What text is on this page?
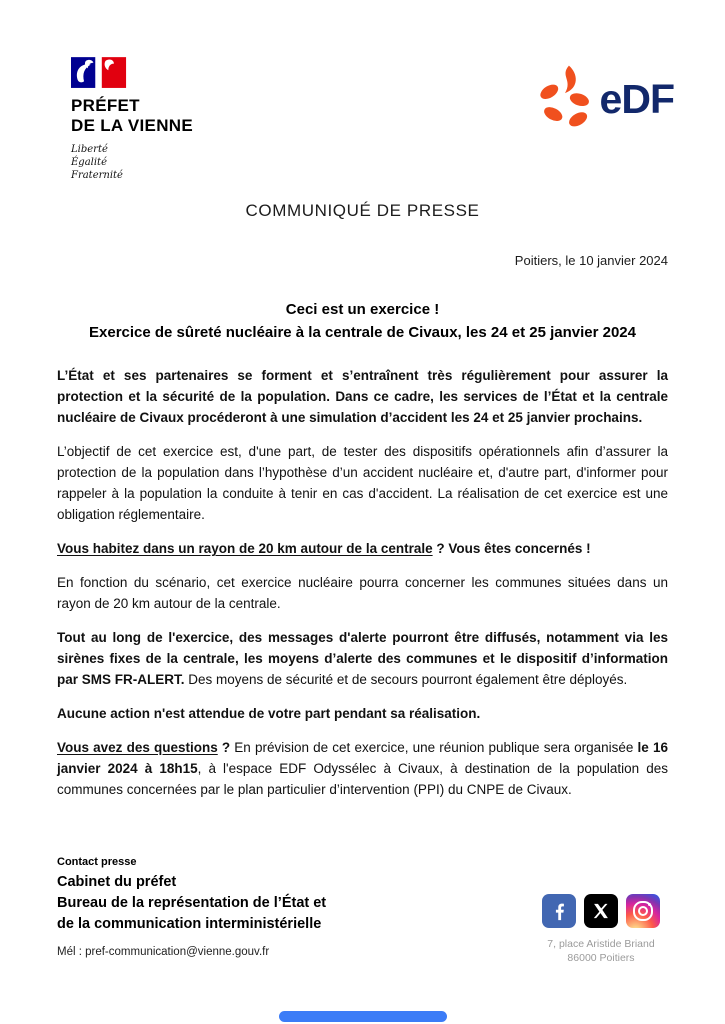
PRÉFET
DE LA VIENNE
Liberté
Égalité
Fraternité
eDF
COMMUNIQUÉ DE PRESSE
Poitiers, le 10 janvier 2024
Ceci est un exercice !
Exercice de sûreté nucléaire à la centrale de Civaux, les 24 et 25 janvier 2024

L’État et ses partenaires se forment et s’entraînent très régulièrement pour assurer la protection et la sécurité de la population. Dans ce cadre, les services de l’État et la centrale nucléaire de Civaux procéderont à une simulation d’accident les 24 et 25 janvier prochains.

L’objectif de cet exercice est, d'une part, de tester des dispositifs opérationnels afin d’assurer la protection de la population dans l’hypothèse d’un accident nucléaire et, d'autre part, d'informer pour rappeler à la population la conduite à tenir en cas d'accident. La réalisation de cet exercice est une obligation réglementaire.

Vous habitez dans un rayon de 20 km autour de la centrale ? Vous êtes concernés !

En fonction du scénario, cet exercice nucléaire pourra concerner les communes situées dans un rayon de 20 km autour de la centrale.

Tout au long de l'exercice, des messages d'alerte pourront être diffusés, notamment via les sirènes fixes de la centrale, les moyens d’alerte des communes et le dispositif d’information par SMS FR-ALERT. Des moyens de sécurité et de secours pourront également être déployés.

Aucune action n'est attendue de votre part pendant sa réalisation.

Vous avez des questions ? En prévision de cet exercice, une réunion publique sera organisée le 16 janvier 2024 à 18h15, à l'espace EDF Odyssélec à Civaux, à destination de la population des communes concernées par le plan particulier d’intervention (PPI) du CNPE de Civaux.

Contact presse
Cabinet du préfet
Bureau de la représentation de l’État et
de la communication interministérielle
Mél : pref-communication@vienne.gouv.fr
7, place Aristide Briand
86000 Poitiers
